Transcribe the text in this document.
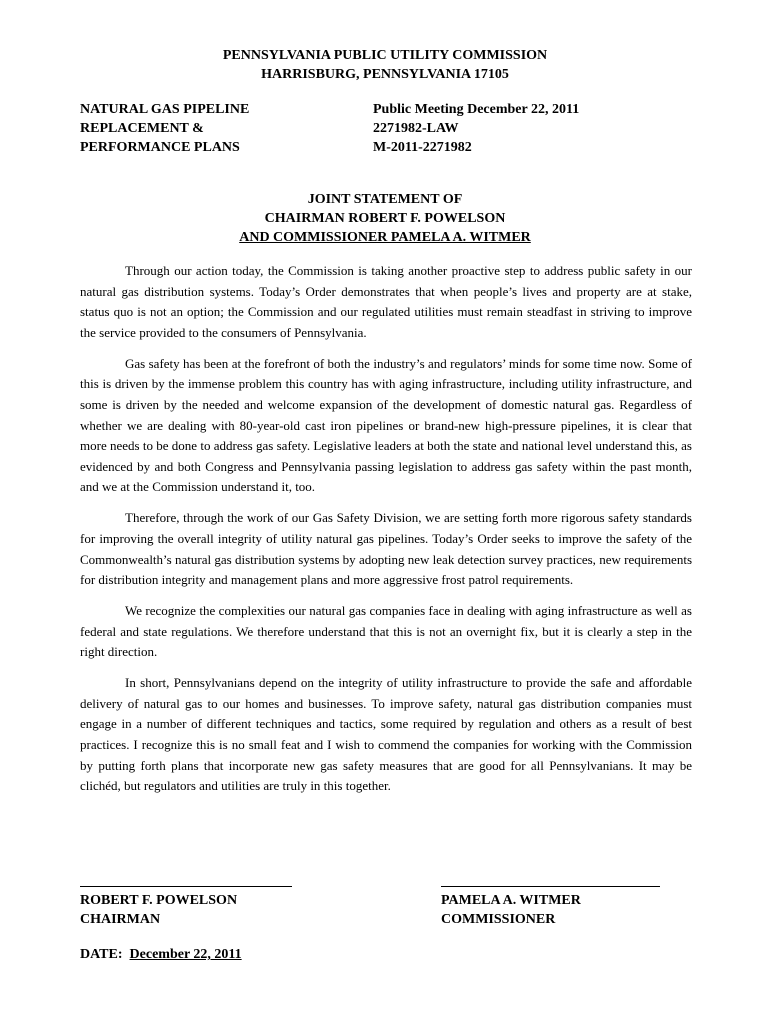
PENNSYLVANIA PUBLIC UTILITY COMMISSION
HARRISBURG, PENNSYLVANIA 17105
NATURAL GAS PIPELINE
REPLACEMENT &
PERFORMANCE PLANS
Public Meeting December 22, 2011
2271982-LAW
M-2011-2271982
JOINT STATEMENT OF
CHAIRMAN ROBERT F. POWELSON
AND COMMISSIONER PAMELA A. WITMER

Through our action today, the Commission is taking another proactive step to address public safety in our natural gas distribution systems. Today’s Order demonstrates that when people’s lives and property are at stake, status quo is not an option; the Commission and our regulated utilities must remain steadfast in striving to improve the service provided to the consumers of Pennsylvania.

Gas safety has been at the forefront of both the industry’s and regulators’ minds for some time now. Some of this is driven by the immense problem this country has with aging infrastructure, including utility infrastructure, and some is driven by the needed and welcome expansion of the development of domestic natural gas. Regardless of whether we are dealing with 80-year-old cast iron pipelines or brand-new high-pressure pipelines, it is clear that more needs to be done to address gas safety. Legislative leaders at both the state and national level understand this, as evidenced by and both Congress and Pennsylvania passing legislation to address gas safety within the past month, and we at the Commission understand it, too.

Therefore, through the work of our Gas Safety Division, we are setting forth more rigorous safety standards for improving the overall integrity of utility natural gas pipelines. Today’s Order seeks to improve the safety of the Commonwealth’s natural gas distribution systems by adopting new leak detection survey practices, new requirements for distribution integrity and management plans and more aggressive frost patrol requirements.

We recognize the complexities our natural gas companies face in dealing with aging infrastructure as well as federal and state regulations. We therefore understand that this is not an overnight fix, but it is clearly a step in the right direction.

In short, Pennsylvanians depend on the integrity of utility infrastructure to provide the safe and affordable delivery of natural gas to our homes and businesses. To improve safety, natural gas distribution companies must engage in a number of different techniques and tactics, some required by regulation and others as a result of best practices. I recognize this is no small feat and I wish to commend the companies for working with the Commission by putting forth plans that incorporate new gas safety measures that are good for all Pennsylvanians. It may be clichéd, but regulators and utilities are truly in this together.

ROBERT F. POWELSON
CHAIRMAN
PAMELA A. WITMER
COMMISSIONER
DATE: December 22, 2011
